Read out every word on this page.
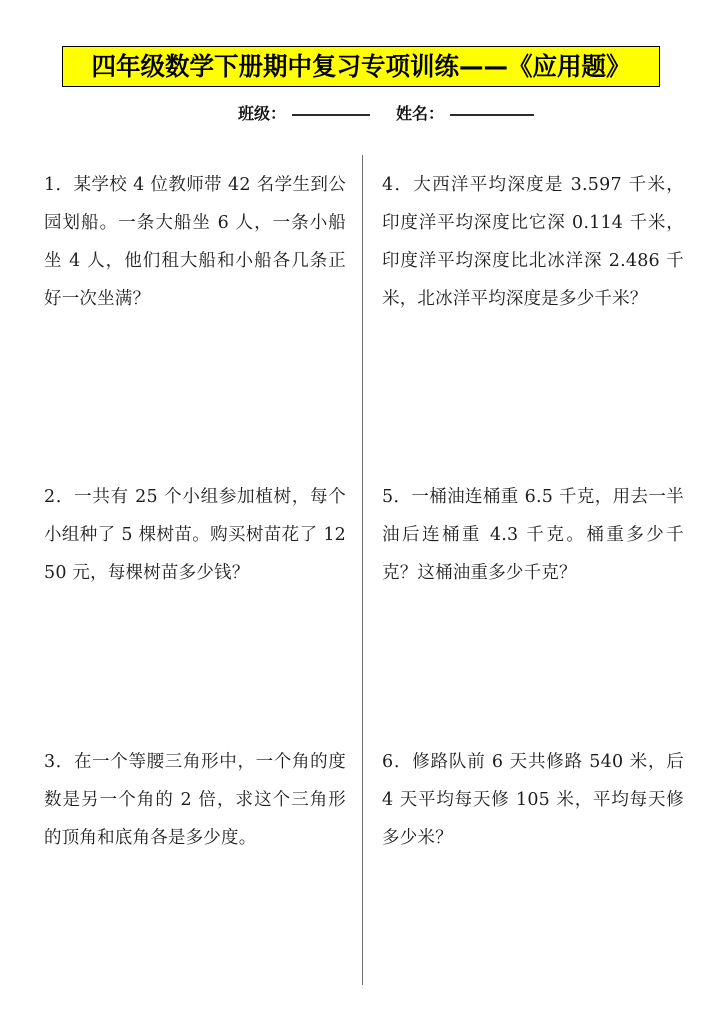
四年级数学下册期中复习专项训练——《应用题》
班级：	姓名：
1．某学校 4 位教师带 42 名学生到公园划船。一条大船坐 6 人，一条小船坐 4 人，他们租大船和小船各几条正好一次坐满？
2．一共有 25 个小组参加植树，每个小组种了 5 棵树苗。购买树苗花了 1250 元，每棵树苗多少钱？
3．在一个等腰三角形中，一个角的度数是另一个角的 2 倍，求这个三角形的顶角和底角各是多少度。
4．大西洋平均深度是 3.597 千米，印度洋平均深度比它深 0.114 千米，印度洋平均深度比北冰洋深 2.486 千米，北冰洋平均深度是多少千米？
5．一桶油连桶重 6.5 千克，用去一半油后连桶重 4.3 千克。桶重多少千克？这桶油重多少千克？
6．修路队前 6 天共修路 540 米，后 4 天平均每天修 105 米，平均每天修多少米？
